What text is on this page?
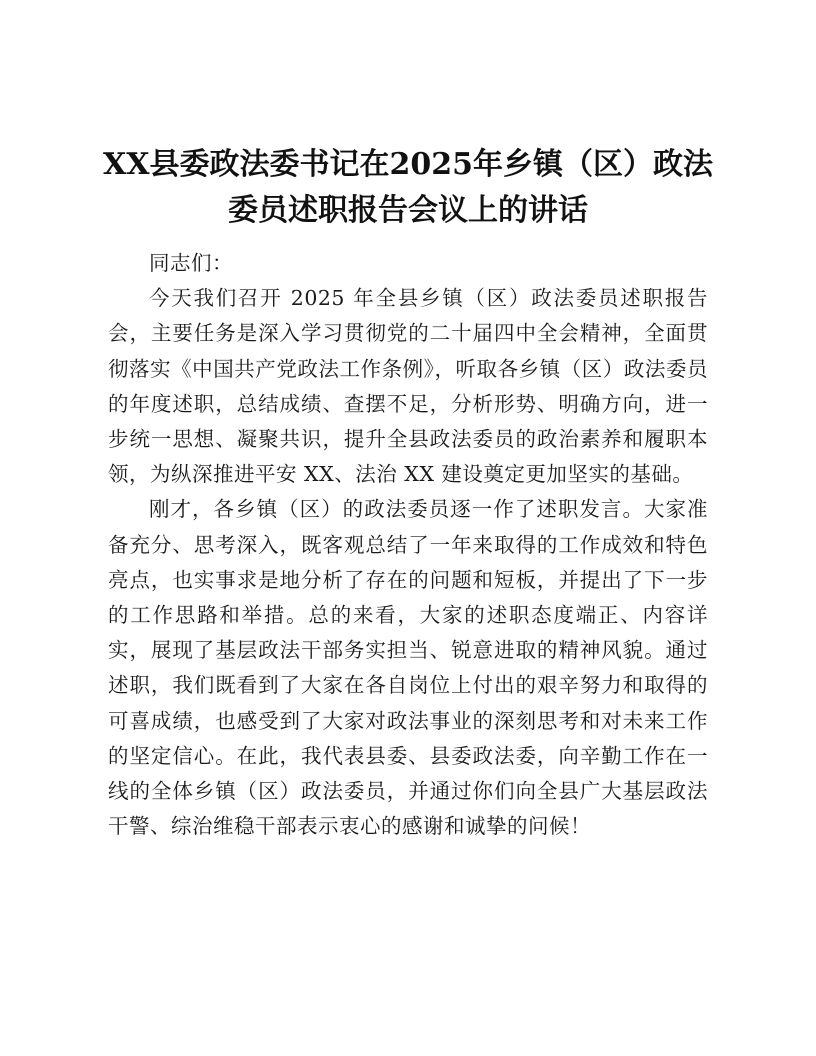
XX县委政法委书记在2025年乡镇（区）政法
委员述职报告会议上的讲话

同志们：

今天我们召开 2025 年全县乡镇（区）政法委员述职报告会，主要任务是深入学习贯彻党的二十届四中全会精神，全面贯彻落实《中国共产党政法工作条例》，听取各乡镇（区）政法委员的年度述职，总结成绩、查摆不足，分析形势、明确方向，进一步统一思想、凝聚共识，提升全县政法委员的政治素养和履职本领，为纵深推进平安 XX、法治 XX 建设奠定更加坚实的基础。

刚才，各乡镇（区）的政法委员逐一作了述职发言。大家准备充分、思考深入，既客观总结了一年来取得的工作成效和特色亮点，也实事求是地分析了存在的问题和短板，并提出了下一步的工作思路和举措。总的来看，大家的述职态度端正、内容详实，展现了基层政法干部务实担当、锐意进取的精神风貌。通过述职，我们既看到了大家在各自岗位上付出的艰辛努力和取得的可喜成绩，也感受到了大家对政法事业的深刻思考和对未来工作的坚定信心。在此，我代表县委、县委政法委，向辛勤工作在一线的全体乡镇（区）政法委员，并通过你们向全县广大基层政法干警、综治维稳干部表示衷心的感谢和诚挚的问候！
